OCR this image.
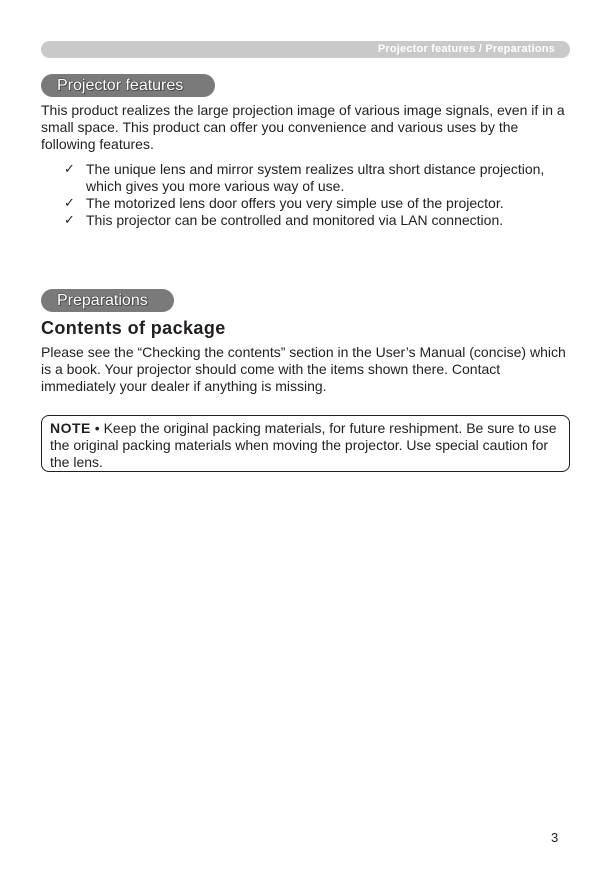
Projector features / Preparations
Projector features

This product realizes the large projection image of various image signals, even if in a small space. This product can offer you convenience and various uses by the following features.

✓ The unique lens and mirror system realizes ultra short distance projection, which gives you more various way of use.
✓ The motorized lens door offers you very simple use of the projector.
✓ This projector can be controlled and monitored via LAN connection.
Preparations
Contents of package

Please see the “Checking the contents” section in the User’s Manual (concise) which is a book. Your projector should come with the items shown there. Contact immediately your dealer if anything is missing.

NOTE • Keep the original packing materials, for future reshipment. Be sure to use the original packing materials when moving the projector. Use special caution for the lens.
3
